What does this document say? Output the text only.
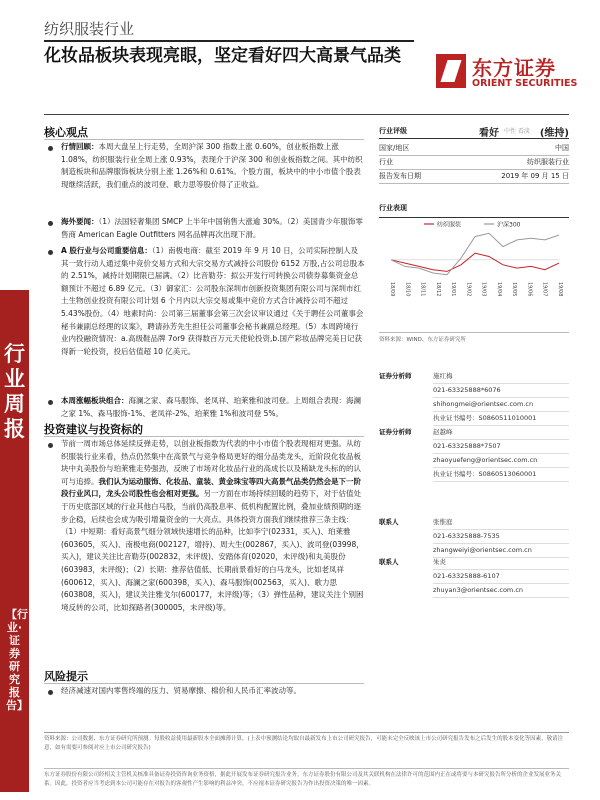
纺织服装行业
化妆品板块表现亮眼，坚定看好四大高景气品类	东方证券
ORIENT SECURITIES
行业周报
【行业·证券研究报告】
核心观点
行情回顾：本周大盘呈上行走势，全周沪深 300 指数上涨 0.60%，创业板指数上涨 1.08%，纺织服装行业全周上涨 0.93%，表现介于沪深 300 和创业板指数之间。其中纺织制造板块和品牌服饰板块分别上涨 1.26%和 0.61%。个股方面，板块中的中小市值个股表现继续活跃，我们重点的波司登、歌力思等股价得了正收益。
海外要闻：（1）法国轻奢集团 SMCP 上半年中国销售大涨逾 30%。（2）美国青少年服饰零售商 American Eagle Outfitters 网名品牌再次出现下滑。
A 股行业与公司重要信息：（1）南极电商：截至 2019 年 9 月 10 日，公司实际控制人及其一致行动人通过集中竞价交易方式和大宗交易方式减持公司股份 6152 万股,占公司总股本的 2.51%，减持计划期限已届满。（2）比音勒芬：拟公开发行可转换公司债券募集资金总额预计不超过 6.89 亿元。（3）御家汇：公司股东深圳市创新投资集团有限公司与深圳市红土生物创业投资有限公司计划 6 个月内以大宗交易或集中竞价方式合计减持公司不超过 5.43%股份。（4）地素时尚：公司第三届董事会第三次会议审议通过《关于聘任公司董事会秘书兼副总经理的议案》，聘请孙芳先生担任公司董事会秘书兼副总经理。（5）本周跨境行业内投融资情况：a.高级鞋品牌 7or9 获得数百万元天使轮投资,b.国产彩妆品牌完美日记获得新一轮投资，投后估值超 10 亿美元。
本周涨幅板块组合：海澜之家、森马服饰、老凤祥、珀莱雅和波司登。上周组合表现：海澜之家 1%、森马服饰-1%、老凤祥-2%、珀莱雅 1%和波司登 5%。
投资建议与投资标的
节前一周市场总体延续反弹走势，以创业板指数为代表的中小市值个股表现相对更强。从纺织服装行业来看，热点仍然集中在高景气与竞争格局更好的细分品类龙头，近阶段化妆品板块中丸美股份与珀莱雅走势强劲，反映了市场对化妆品行业的高成长以及稀缺龙头标的的认可与追捧。我们认为运动服饰、化妆品、童装、黄金珠宝等四大高景气品类仍然会是下一阶段行业风口，龙头公司股性也会相对更强。另一方面在市场持续回暖的趋势下，对于估值处于历史底部区域的行业其他白马股，当前仍高股息率、低机构配置比例，叠加业绩预期的逐步企稳，后续也会成为吸引增量资金的一大亮点。具体投资方面我们继续推荐三条主线：（1）中短期：看好高景气细分领域快速增长的品种，比如李宁(02331，买入)、珀莱雅(603605，买入)、南极电商(002127，增持)、周大生(002867，买入)、波司登(03998，买入)，建议关注比音勒芬(002832，未评级)、安踏体育(02020，未评级)和丸美股份(603983，未评级)；（2）长期：推荐估值低、长期前景看好的白马龙头，比如老凤祥(600612，买入)、海澜之家(600398，买入)、森马服饰(002563，买入)、歌力思(603808，买入)，建议关注雅戈尔(600177，未评级)等；（3）弹性品种，建议关注个别困境反转的公司，比如探路者(300005，未评级)等。
风险提示
经济减速对国内零售终端的压力、贸易摩擦、棉价和人民币汇率波动等。
行业评级	看好 中性 看淡 (维持)
国家/地区	中国
行业	纺织服装行业
报告发布日期	2019 年 09 月 15 日
行业表现
纺织服装	沪深300
18/09 18/10 18/11 18/12 19/01 19/02 19/03 19/04 19/05 19/06 19/07 19/08
资料来源：WIND、东方证券研究所
证券分析师	施红梅
021-63325888*6076
shihongmei@orientsec.com.cn
执业证书编号：S0860511010001
证券分析师	赵越峰
021-63325888*7507
zhaoyuefeng@orientsec.com.cn
执业证书编号：S0860513060001
联系人	张惟庭
021-63325888-7535
zhangweiyi@orientsec.com.cn
联系人	朱炎
021-63325888-6107
zhuyan3@orientsec.com.cn
资料来源：公司数据、东方证券研究所预测。每股收益使用最新股本全面摊薄计算，(上表中预测结论均取自最新发布上市公司研究报告，可能未完全反映该上市公司研究报告发布之后发生的股本变化等因素，敬请注意，如有需要可参阅对应上市公司研究报告)
东方证券股份有限公司经相关主管机关核准具备证券投资咨询业务资格，据此开展发布证券研究报告业务。东方证券股份有限公司及其关联机构在法律许可的范围内正在或将要与本研究报告所分析的企业发展业务关系。因此，投资者应当考虑到本公司可能存在对报告的客观性产生影响的利益冲突，不应视本证券研究报告为作出投资决策的唯一因素。
